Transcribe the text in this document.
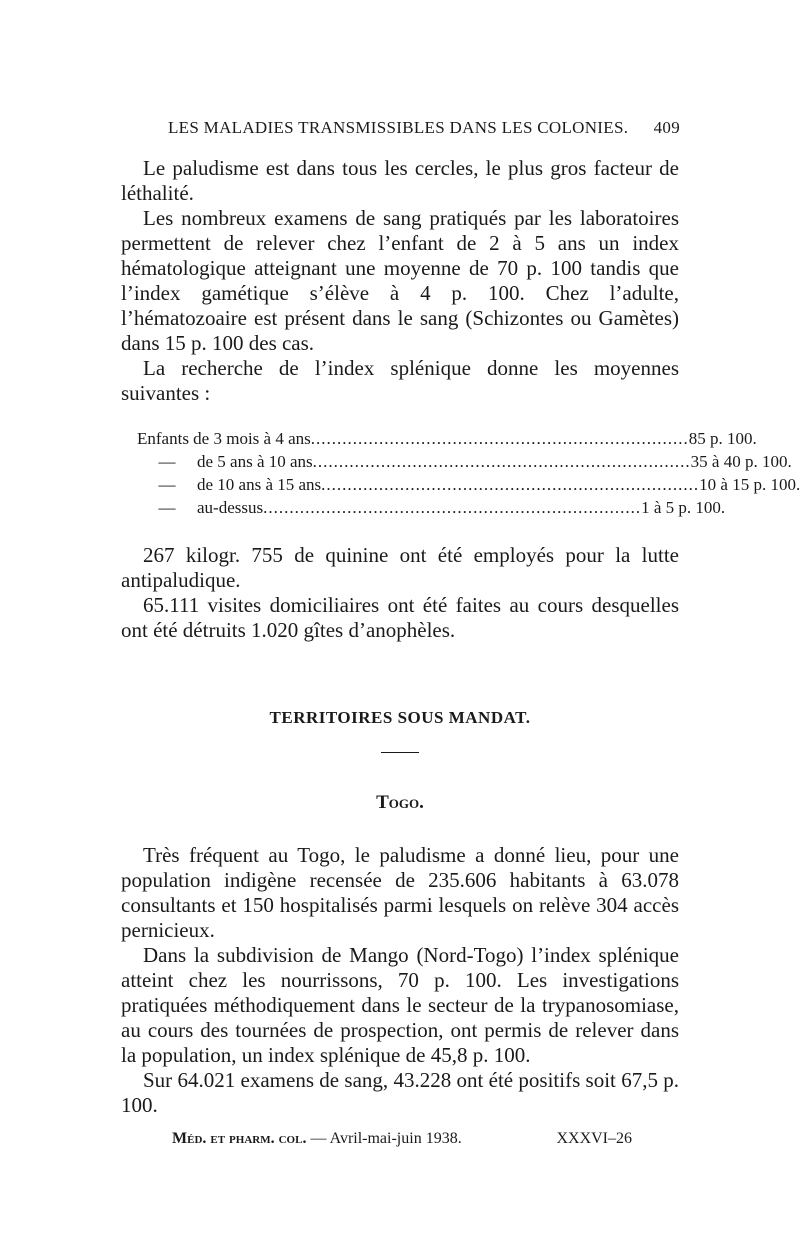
LES MALADIES TRANSMISSIBLES DANS LES COLONIES. 409

Le paludisme est dans tous les cercles, le plus gros facteur de léthalité.

Les nombreux examens de sang pratiqués par les laboratoires permettent de relever chez l’enfant de 2 à 5 ans un index hématologique atteignant une moyenne de 70 p. 100 tandis que l’index gamétique s’élève à 4 p. 100. Chez l’adulte, l’hématozoaire est présent dans le sang (Schizontes ou Gamètes) dans 15 p. 100 des cas.

La recherche de l’index splénique donne les moyennes suivantes :

Enfants de 3 mois à 4 ans ........................................................................ 85 p. 100.
—	de 5 ans à 10 ans ........................................................................ 35 à 40 p. 100.
—	de 10 ans à 15 ans ........................................................................ 10 à 15 p. 100.
—	au-dessus ........................................................................ 1 à 5 p. 100.

267 kilogr. 755 de quinine ont été employés pour la lutte antipaludique.

65.111 visites domiciliaires ont été faites au cours desquelles ont été détruits 1.020 gîtes d’anophèles.

TERRITOIRES SOUS MANDAT.
Togo.

Très fréquent au Togo, le paludisme a donné lieu, pour une population indigène recensée de 235.606 habitants à 63.078 consultants et 150 hospitalisés parmi lesquels on relève 304 accès pernicieux.

Dans la subdivision de Mango (Nord-Togo) l’index splénique atteint chez les nourrissons, 70 p. 100. Les investigations pratiquées méthodiquement dans le secteur de la trypanosomiase, au cours des tournées de prospection, ont permis de relever dans la population, un index splénique de 45,8 p. 100.

Sur 64.021 examens de sang, 43.228 ont été positifs soit 67,5 p. 100.

Méd. et pharm. col. — Avril-mai-juin 1938.	XXXVI–26
